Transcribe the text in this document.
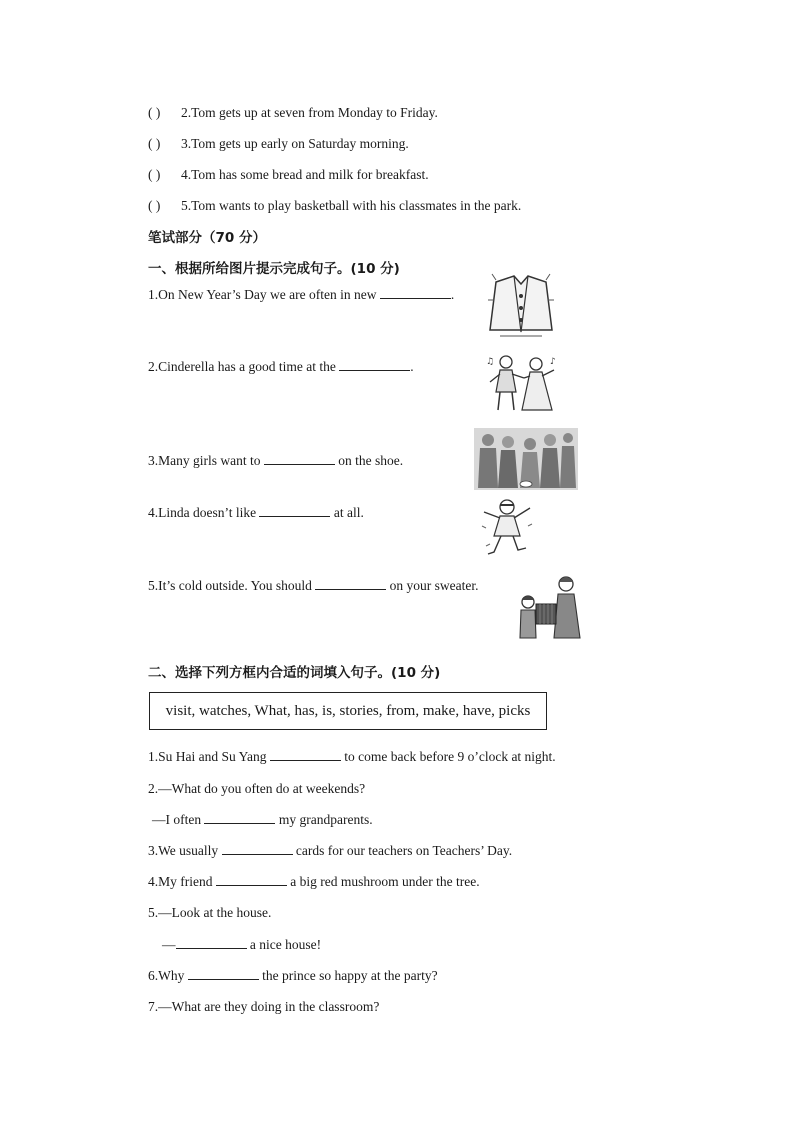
( ) 2.Tom gets up at seven from Monday to Friday.
( ) 3.Tom gets up early on Saturday morning.
( ) 4.Tom has some bread and milk for breakfast.
( ) 5.Tom wants to play basketball with his classmates in the park.
笔试部分（70 分）
一、根据所给图片提示完成句子。(10 分)
1.On New Year’s Day we are often in new	.
2.Cinderella has a good time at the	.
3.Many girls want to	on the shoe.
4.Linda doesn’t like	at all.
5.It’s cold outside. You should	on your sweater.
♪
♫
二、选择下列方框内合适的词填入句子。(10 分)
visit, watches, What, has, is, stories, from, make, have, picks
1.Su Hai and Su Yang	to come back before 9 o’clock at night.
2.—What do you often do at weekends?
—I often	my grandparents.
3.We usually	cards for our teachers on Teachers’ Day.
4.My friend	a big red mushroom under the tree.
5.—Look at the house.
—	a nice house!
6.Why	the prince so happy at the party?
7.—What are they doing in the classroom?
